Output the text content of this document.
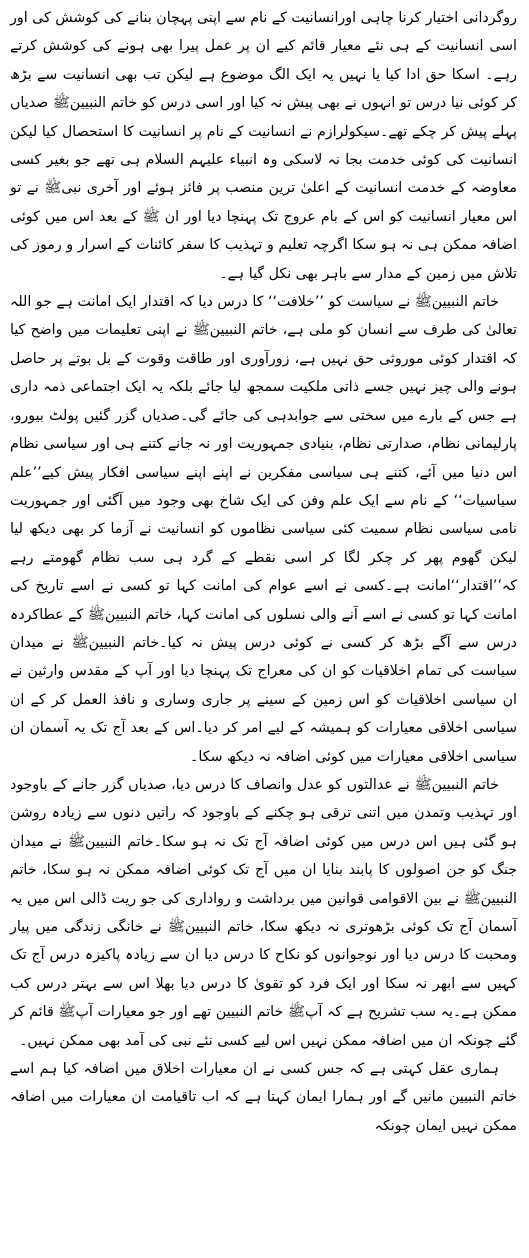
روگردانی اختیار کرنا چاہی اورانسانیت کے نام سے اپنی پہچان بنانے کی کوشش کی اور اسی انسانیت کے ہی نئے معیار قائم کیے ان پر عمل پیرا بھی ہونے کی کوشش کرتے رہے۔ اسکا حق ادا کیا یا نہیں یہ ایک الگ موضوع ہے لیکن تب بھی انسانیت سے بڑھ کر کوئی نیا درس تو انہوں نے بھی پیش نہ کیا اور اسی درس کو خاتم النبیینﷺ صدیاں پہلے پیش کر چکے تھے۔سیکولرازم نے انسانیت کے نام پر انسانیت کا استحصال کیا لیکن انسانیت کی کوئی خدمت بجا نہ لاسکی وہ انبیاء علیہم السلام ہی تھے جو بغیر کسی معاوضہ کے خدمت انسانیت کے اعلیٰ ترین منصب پر فائز ہوئے اور آخری نبیﷺ نے تو اس معیار انسانیت کو اس کے بام عروج تک پہنچا دیا اور ان ﷺ کے بعد اس میں کوئی اضافہ ممکن ہی نہ ہو سکا اگرچہ تعلیم و تہذیب کا سفر کائنات کے اسرار و رموز کی تلاش میں زمین کے مدار سے باہر بھی نکل گیا ہے۔

خاتم النبیینﷺ نے سیاست کو ’’خلافت‘‘ کا درس دیا کہ اقتدار ایک امانت ہے جو اللہ تعالیٰ کی طرف سے انسان کو ملی ہے، خاتم النبیینﷺ نے اپنی تعلیمات میں واضح کیا کہ اقتدار کوئی موروثی حق نہیں ہے، زورآوری اور طاقت وقوت کے بل بوتے پر حاصل ہونے والی چیز نہیں جسے ذاتی ملکیت سمجھ لیا جائے بلکہ یہ ایک اجتماعی ذمہ داری ہے جس کے بارے میں سختی سے جوابدہی کی جائے گی۔صدیاں گزر گئیں پولٹ بیورو، پارلیمانی نظام، صدارتی نظام، بنیادی جمہوریت اور نہ جانے کتنے ہی اور سیاسی نظام اس دنیا میں آئے، کتنے ہی سیاسی مفکرین نے اپنے اپنے سیاسی افکار پیش کیے’’علم سیاسیات‘‘ کے نام سے ایک علم وفن کی ایک شاخ بھی وجود میں آگئی اور جمہوریت نامی سیاسی نظام سمیت کئی سیاسی نظاموں کو انسانیت نے آزما کر بھی دیکھ لیا لیکن گھوم پھر کر چکر لگا کر اسی نقطے کے گرد ہی سب نظام گھومتے رہے کہ’’اقتدار‘‘امانت ہے۔کسی نے اسے عوام کی امانت کہا تو کسی نے اسے تاریخ کی امانت کہا تو کسی نے اسے آنے والی نسلوں کی امانت کہا، خاتم النبیینﷺ کے عطاکردہ درس سے آگے بڑھ کر کسی نے کوئی درس پیش نہ کیا۔خاتم النبیینﷺ نے میدان سیاست کی تمام اخلاقیات کو ان کی معراج تک پہنچا دیا اور آپ کے مقدس وارثین نے ان سیاسی اخلاقیات کو اس زمین کے سینے پر جاری وساری و نافذ العمل کر کے ان سیاسی اخلاقی معیارات کو ہمیشہ کے لیے امر کر دیا۔اس کے بعد آج تک یہ آسمان ان سیاسی اخلاقی معیارات میں کوئی اضافہ نہ دیکھ سکا۔

خاتم النبیینﷺ نے عدالتوں کو عدل وانصاف کا درس دیا، صدیاں گزر جانے کے باوجود اور تہذیب وتمدن میں اتنی ترقی ہو چکنے کے باوجود کہ راتیں دنوں سے زیادہ روشن ہو گئی ہیں اس درس میں کوئی اضافہ آج تک نہ ہو سکا۔خاتم النبیینﷺ نے میدان جنگ کو جن اصولوں کا پابند بنایا ان میں آج تک کوئی اضافہ ممکن نہ ہو سکا، خاتم النبیینﷺ نے بین الاقوامی قوانین میں برداشت و رواداری کی جو ریت ڈالی اس میں یہ آسمان آج تک کوئی بڑھوتری نہ دیکھ سکا، خاتم النبیینﷺ نے خانگی زندگی میں پیار ومحبت کا درس دیا اور نوجوانوں کو نکاح کا درس دیا ان سے زیادہ پاکیزہ درس آج تک کہیں سے ابھر نہ سکا اور ایک فرد کو تقویٰ کا درس دیا بھلا اس سے بہتر درس کب ممکن ہے۔یہ سب تشریح ہے کہ آپﷺ خاتم النبیین تھے اور جو معیارات آپﷺ قائم کر گئے چونکہ ان میں اضافہ ممکن نہیں اس لیے کسی نئے نبی کی آمد بھی ممکن نہیں۔

ہماری عقل کہتی ہے کہ جس کسی نے ان معیارات اخلاق میں اضافہ کیا ہم اسے خاتم النبیین مانیں گے اور ہمارا ایمان کہتا ہے کہ اب تاقیامت ان معیارات میں اضافہ ممکن نہیں ایمان چونکہ
